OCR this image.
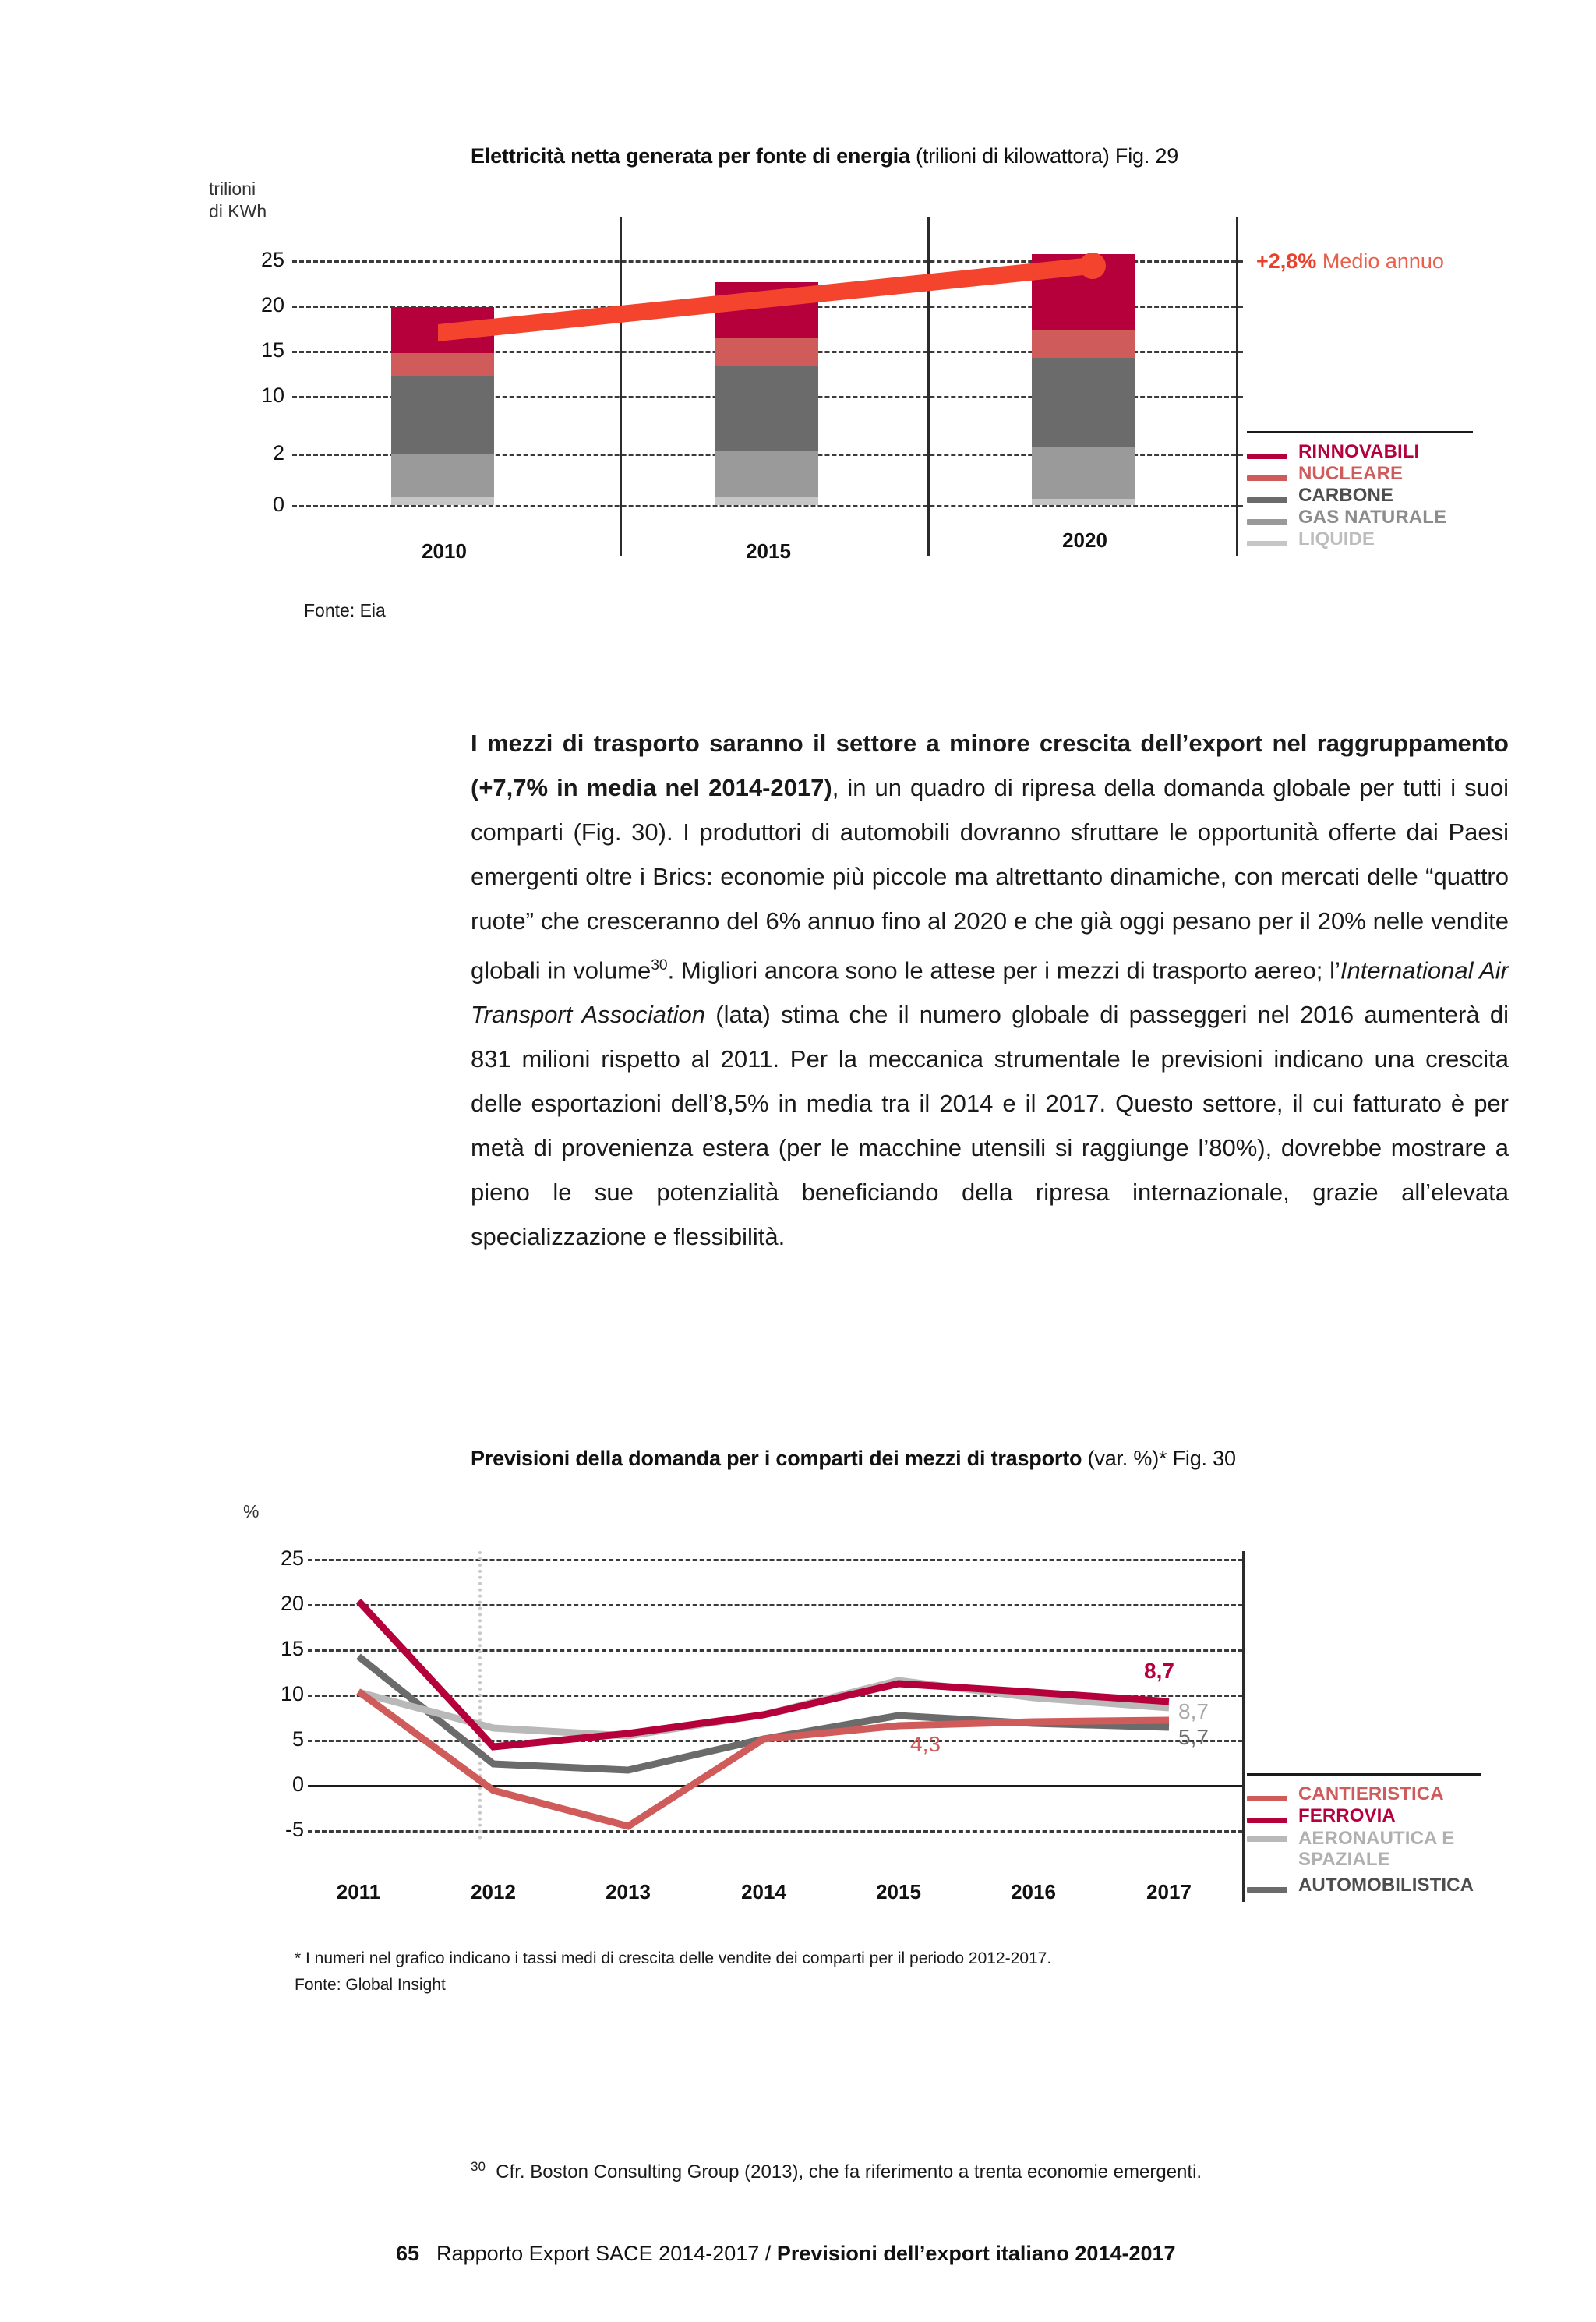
Elettricità netta generata per fonte di energia (trilioni di kilowattora) Fig. 29
trilioni
di KWh
25
20
15
10
2
0
+2,8% Medio annuo
2010	2015	2020
RINNOVABILI
NUCLEARE
CARBONE
GAS NATURALE
LIQUIDE
Fonte: Eia
I mezzi di trasporto saranno il settore a minore crescita dell’export nel raggruppamento (+7,7% in media nel 2014-2017), in un quadro di ripresa della domanda globale per tutti i suoi comparti (Fig. 30). I produttori di automobili dovranno sfruttare le opportunità offerte dai Paesi emergenti oltre i Brics: economie più piccole ma altrettanto dinamiche, con mercati delle “quattro ruote” che cresceranno del 6% annuo fino al 2020 e che già oggi pesano per il 20% nelle vendite globali in volume$^{30}$. Migliori ancora sono le attese per i mezzi di trasporto aereo; l’International Air Transport Association (lata) stima che il numero globale di passeggeri nel 2016 aumenterà di 831 milioni rispetto al 2011. Per la meccanica strumentale le previsioni indicano una crescita delle esportazioni dell’8,5% in media tra il 2014 e il 2017. Questo settore, il cui fatturato è per metà di provenienza estera (per le macchine utensili si raggiunge l’80%), dovrebbe mostrare a pieno le sue potenzialità beneficiando della ripresa internazionale, grazie all’elevata specializzazione e flessibilità.
Previsioni della domanda per i comparti dei mezzi di trasporto (var. %)* Fig. 30
%
25
20
15
10
5
0
-5
8,7
8,7
5,7
4,3
2011	2012	2013	2014	2015	2016	2017
CANTIERISTICA
FERROVIA
AERONAUTICA E SPAZIALE
AUTOMOBILISTICA
* I numeri nel grafico indicano i tassi medi di crescita delle vendite dei comparti per il periodo 2012-2017.
Fonte: Global Insight
$^{30}$ Cfr. Boston Consulting Group (2013), che fa riferimento a trenta economie emergenti.
65 Rapporto Export SACE 2014-2017 / Previsioni dell’export italiano 2014-2017
